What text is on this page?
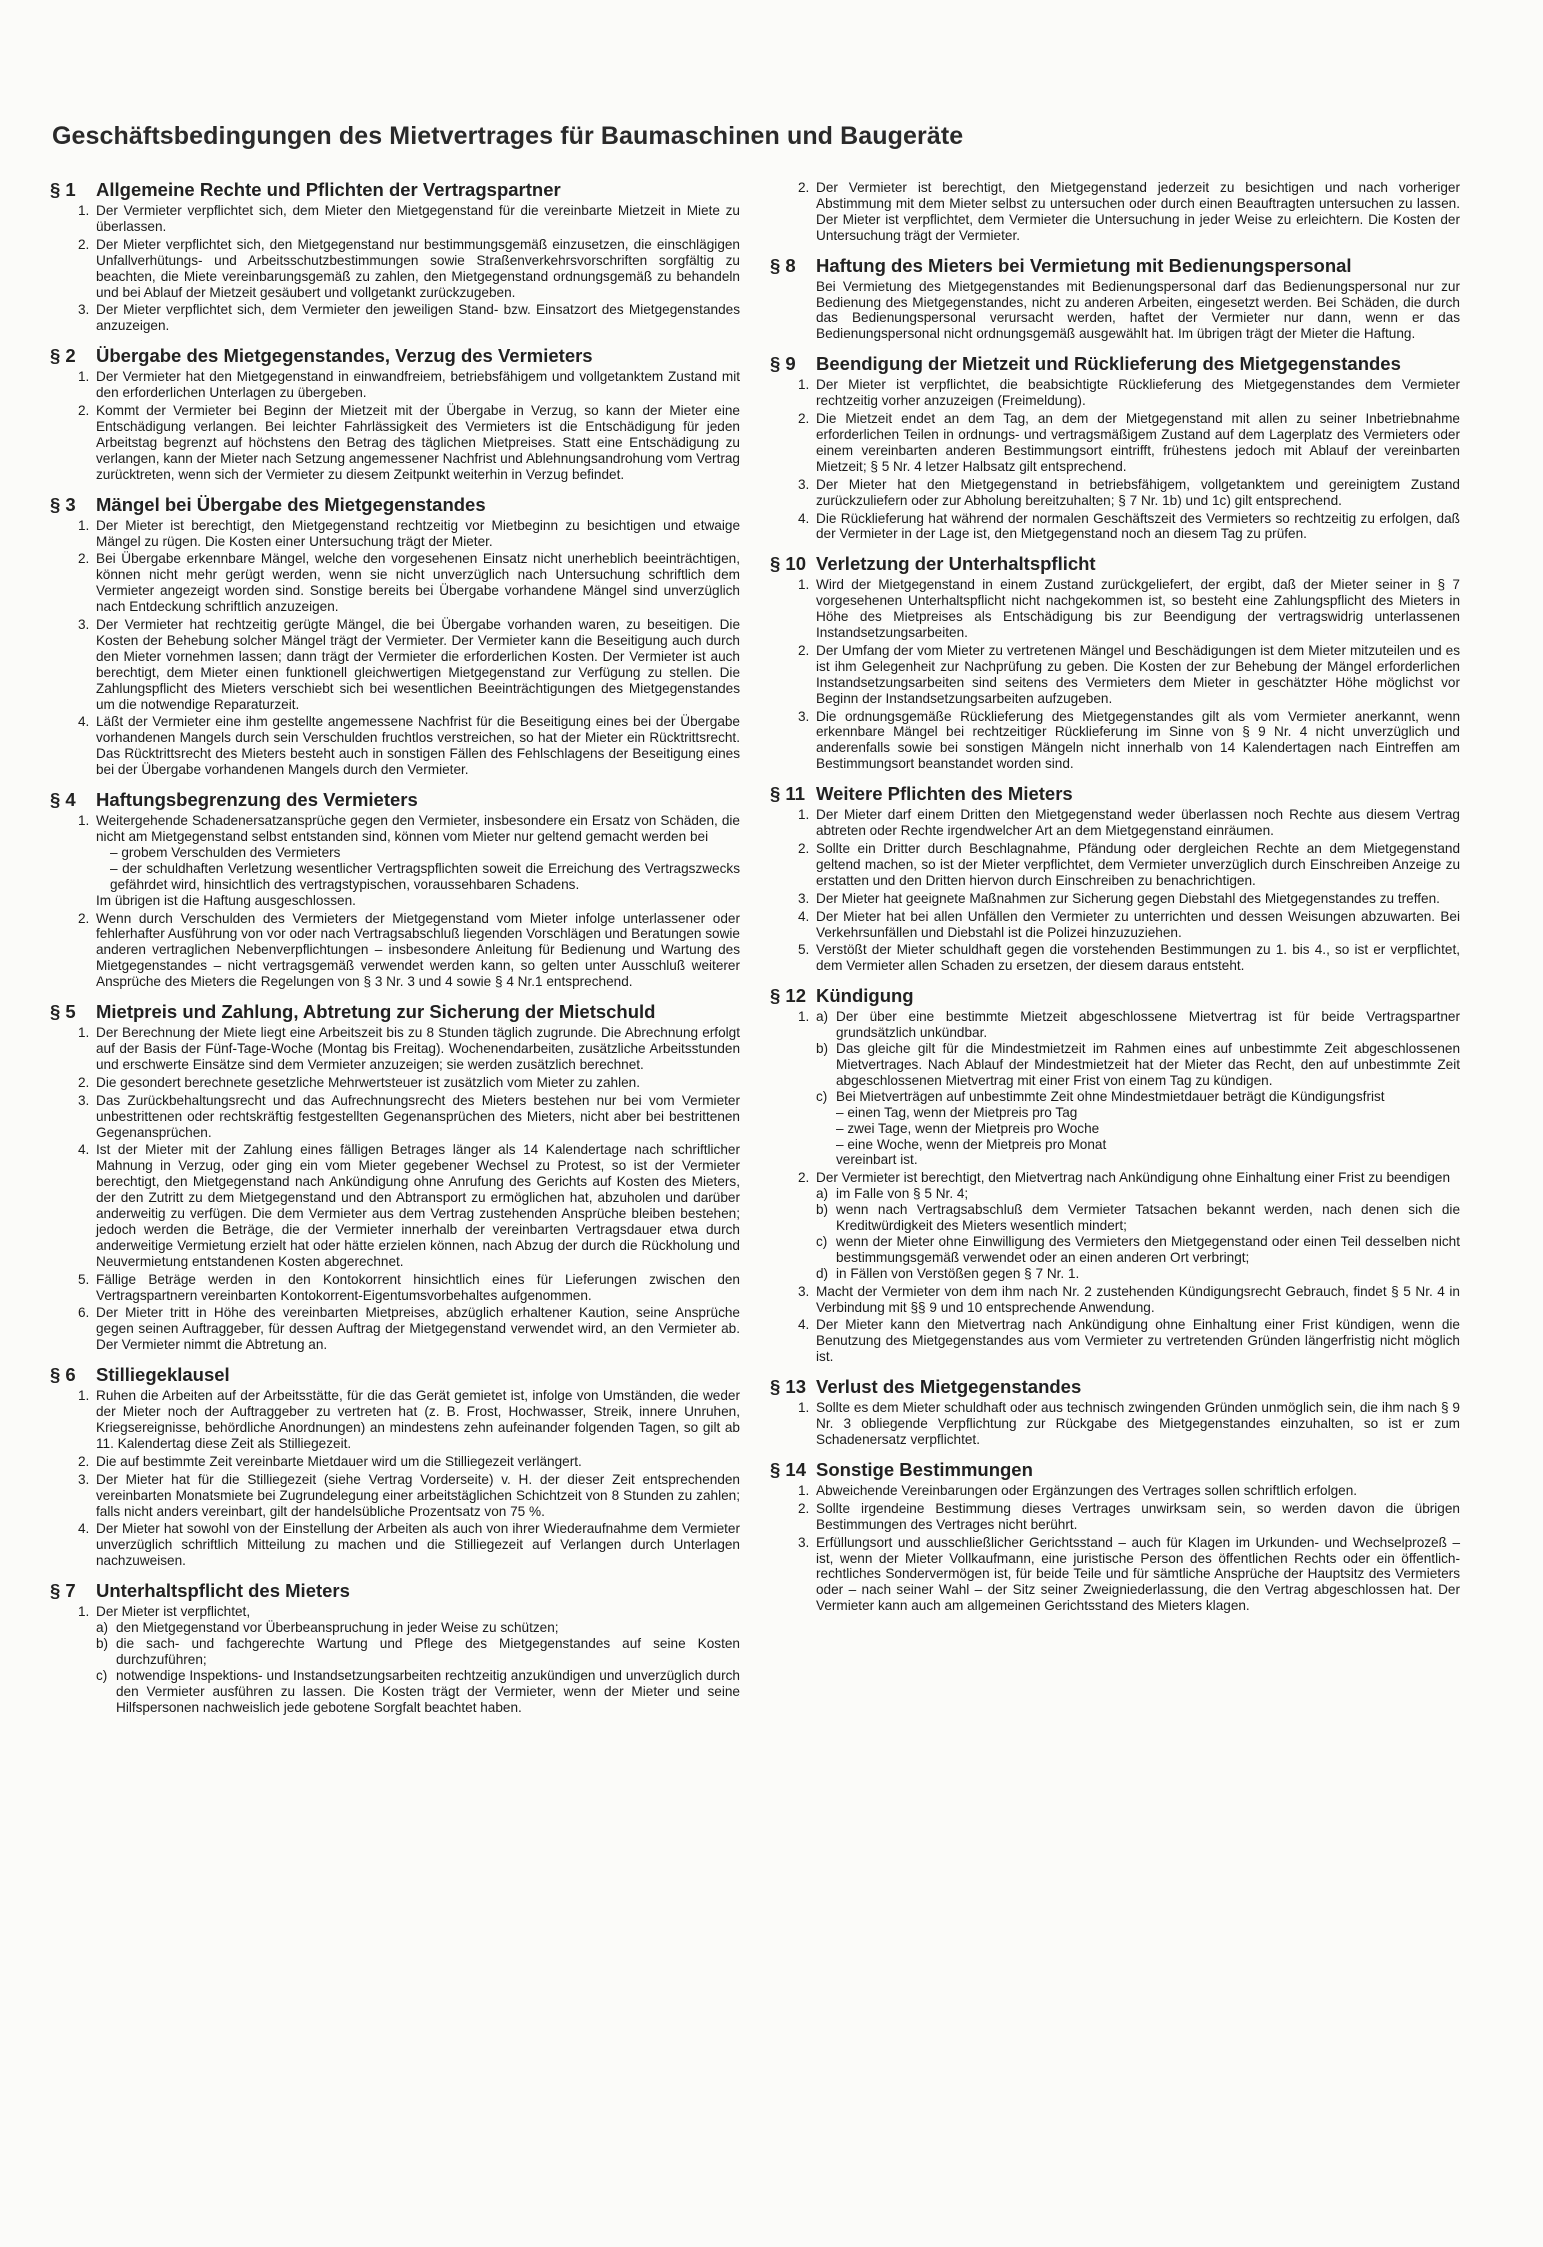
Geschäftsbedingungen des Mietvertrages für Baumaschinen und Baugeräte
§ 1	Allgemeine Rechte und Pflichten der Vertragspartner
1. Der Vermieter verpflichtet sich, dem Mieter den Mietgegenstand für die vereinbarte Mietzeit in Miete zu überlassen.
2. Der Mieter verpflichtet sich, den Mietgegenstand nur bestimmungsgemäß einzusetzen, die einschlägigen Unfallverhütungs- und Arbeitsschutzbestimmungen sowie Straßenverkehrsvorschriften sorgfältig zu beachten, die Miete vereinbarungsgemäß zu zahlen, den Mietgegenstand ordnungsgemäß zu behandeln und bei Ablauf der Mietzeit gesäubert und vollgetankt zurückzugeben.
3. Der Mieter verpflichtet sich, dem Vermieter den jeweiligen Stand- bzw. Einsatzort des Mietgegenstandes anzuzeigen.
§ 2	Übergabe des Mietgegenstandes, Verzug des Vermieters
1. Der Vermieter hat den Mietgegenstand in einwandfreiem, betriebsfähigem und vollgetanktem Zustand mit den erforderlichen Unterlagen zu übergeben.
2. Kommt der Vermieter bei Beginn der Mietzeit mit der Übergabe in Verzug, so kann der Mieter eine Entschädigung verlangen. Bei leichter Fahrlässigkeit des Vermieters ist die Entschädigung für jeden Arbeitstag begrenzt auf höchstens den Betrag des täglichen Mietpreises. Statt eine Entschädigung zu verlangen, kann der Mieter nach Setzung angemessener Nachfrist und Ablehnungsandrohung vom Vertrag zurücktreten, wenn sich der Vermieter zu diesem Zeitpunkt weiterhin in Verzug befindet.
§ 3	Mängel bei Übergabe des Mietgegenstandes
1. Der Mieter ist berechtigt, den Mietgegenstand rechtzeitig vor Mietbeginn zu besichtigen und etwaige Mängel zu rügen. Die Kosten einer Untersuchung trägt der Mieter.
2. Bei Übergabe erkennbare Mängel, welche den vorgesehenen Einsatz nicht unerheblich beeinträchtigen, können nicht mehr gerügt werden, wenn sie nicht unverzüglich nach Untersuchung schriftlich dem Vermieter angezeigt worden sind. Sonstige bereits bei Übergabe vorhandene Mängel sind unverzüglich nach Entdeckung schriftlich anzuzeigen.
3. Der Vermieter hat rechtzeitig gerügte Mängel, die bei Übergabe vorhanden waren, zu beseitigen. Die Kosten der Behebung solcher Mängel trägt der Vermieter. Der Vermieter kann die Beseitigung auch durch den Mieter vornehmen lassen; dann trägt der Vermieter die erforderlichen Kosten. Der Vermieter ist auch berechtigt, dem Mieter einen funktionell gleichwertigen Mietgegenstand zur Verfügung zu stellen. Die Zahlungspflicht des Mieters verschiebt sich bei wesentlichen Beeinträchtigungen des Mietgegenstandes um die notwendige Reparaturzeit.
4. Läßt der Vermieter eine ihm gestellte angemessene Nachfrist für die Beseitigung eines bei der Übergabe vorhandenen Mangels durch sein Verschulden fruchtlos verstreichen, so hat der Mieter ein Rücktrittsrecht. Das Rücktrittsrecht des Mieters besteht auch in sonstigen Fällen des Fehlschlagens der Beseitigung eines bei der Übergabe vorhandenen Mangels durch den Vermieter.
§ 4	Haftungsbegrenzung des Vermieters
1. Weitergehende Schadenersatzansprüche gegen den Vermieter, insbesondere ein Ersatz von Schäden, die nicht am Mietgegenstand selbst entstanden sind, können vom Mieter nur geltend gemacht werden bei
– grobem Verschulden des Vermieters
– der schuldhaften Verletzung wesentlicher Vertragspflichten soweit die Erreichung des Vertragszwecks gefährdet wird, hinsichtlich des vertragstypischen, voraussehbaren Schadens.
Im übrigen ist die Haftung ausgeschlossen.
2. Wenn durch Verschulden des Vermieters der Mietgegenstand vom Mieter infolge unterlassener oder fehlerhafter Ausführung von vor oder nach Vertragsabschluß liegenden Vorschlägen und Beratungen sowie anderen vertraglichen Nebenverpflichtungen – insbesondere Anleitung für Bedienung und Wartung des Mietgegenstandes – nicht vertragsgemäß verwendet werden kann, so gelten unter Ausschluß weiterer Ansprüche des Mieters die Regelungen von § 3 Nr. 3 und 4 sowie § 4 Nr.1 entsprechend.
§ 5	Mietpreis und Zahlung, Abtretung zur Sicherung der Mietschuld
1. Der Berechnung der Miete liegt eine Arbeitszeit bis zu 8 Stunden täglich zugrunde. Die Abrechnung erfolgt auf der Basis der Fünf-Tage-Woche (Montag bis Freitag). Wochenendarbeiten, zusätzliche Arbeitsstunden und erschwerte Einsätze sind dem Vermieter anzuzeigen; sie werden zusätzlich berechnet.
2. Die gesondert berechnete gesetzliche Mehrwertsteuer ist zusätzlich vom Mieter zu zahlen.
3. Das Zurückbehaltungsrecht und das Aufrechnungsrecht des Mieters bestehen nur bei vom Vermieter unbestrittenen oder rechtskräftig festgestellten Gegenansprüchen des Mieters, nicht aber bei bestrittenen Gegenansprüchen.
4. Ist der Mieter mit der Zahlung eines fälligen Betrages länger als 14 Kalendertage nach schriftlicher Mahnung in Verzug, oder ging ein vom Mieter gegebener Wechsel zu Protest, so ist der Vermieter berechtigt, den Mietgegenstand nach Ankündigung ohne Anrufung des Gerichts auf Kosten des Mieters, der den Zutritt zu dem Mietgegenstand und den Abtransport zu ermöglichen hat, abzuholen und darüber anderweitig zu verfügen. Die dem Vermieter aus dem Vertrag zustehenden Ansprüche bleiben bestehen; jedoch werden die Beträge, die der Vermieter innerhalb der vereinbarten Vertragsdauer etwa durch anderweitige Vermietung erzielt hat oder hätte erzielen können, nach Abzug der durch die Rückholung und Neuvermietung entstandenen Kosten abgerechnet.
5. Fällige Beträge werden in den Kontokorrent hinsichtlich eines für Lieferungen zwischen den Vertragspartnern vereinbarten Kontokorrent-Eigentumsvorbehaltes aufgenommen.
6. Der Mieter tritt in Höhe des vereinbarten Mietpreises, abzüglich erhaltener Kaution, seine Ansprüche gegen seinen Auftraggeber, für dessen Auftrag der Mietgegenstand verwendet wird, an den Vermieter ab. Der Vermieter nimmt die Abtretung an.
§ 6	Stilliegeklausel
1. Ruhen die Arbeiten auf der Arbeitsstätte, für die das Gerät gemietet ist, infolge von Umständen, die weder der Mieter noch der Auftraggeber zu vertreten hat (z. B. Frost, Hochwasser, Streik, innere Unruhen, Kriegsereignisse, behördliche Anordnungen) an mindestens zehn aufeinander folgenden Tagen, so gilt ab 11. Kalendertag diese Zeit als Stilliegezeit.
2. Die auf bestimmte Zeit vereinbarte Mietdauer wird um die Stilliegezeit verlängert.
3. Der Mieter hat für die Stilliegezeit (siehe Vertrag Vorderseite) v. H. der dieser Zeit entsprechenden vereinbarten Monatsmiete bei Zugrundelegung einer arbeitstäglichen Schichtzeit von 8 Stunden zu zahlen; falls nicht anders vereinbart, gilt der handelsübliche Prozentsatz von 75 %.
4. Der Mieter hat sowohl von der Einstellung der Arbeiten als auch von ihrer Wiederaufnahme dem Vermieter unverzüglich schriftlich Mitteilung zu machen und die Stilliegezeit auf Verlangen durch Unterlagen nachzuweisen.
§ 7	Unterhaltspflicht des Mieters
1. Der Mieter ist verpflichtet,
a) den Mietgegenstand vor Überbeanspruchung in jeder Weise zu schützen;
b) die sach- und fachgerechte Wartung und Pflege des Mietgegenstandes auf seine Kosten durchzuführen;
c) notwendige Inspektions- und Instandsetzungsarbeiten rechtzeitig anzukündigen und unverzüglich durch den Vermieter ausführen zu lassen. Die Kosten trägt der Vermieter, wenn der Mieter und seine Hilfspersonen nachweislich jede gebotene Sorgfalt beachtet haben.
2. Der Vermieter ist berechtigt, den Mietgegenstand jederzeit zu besichtigen und nach vorheriger Abstimmung mit dem Mieter selbst zu untersuchen oder durch einen Beauftragten untersuchen zu lassen. Der Mieter ist verpflichtet, dem Vermieter die Untersuchung in jeder Weise zu erleichtern. Die Kosten der Untersuchung trägt der Vermieter.
§ 8	Haftung des Mieters bei Vermietung mit Bedienungspersonal
Bei Vermietung des Mietgegenstandes mit Bedienungspersonal darf das Bedienungspersonal nur zur Bedienung des Mietgegenstandes, nicht zu anderen Arbeiten, eingesetzt werden. Bei Schäden, die durch das Bedienungspersonal verursacht werden, haftet der Vermieter nur dann, wenn er das Bedienungspersonal nicht ordnungsgemäß ausgewählt hat. Im übrigen trägt der Mieter die Haftung.
§ 9	Beendigung der Mietzeit und Rücklieferung des Mietgegenstandes
1. Der Mieter ist verpflichtet, die beabsichtigte Rücklieferung des Mietgegenstandes dem Vermieter rechtzeitig vorher anzuzeigen (Freimeldung).
2. Die Mietzeit endet an dem Tag, an dem der Mietgegenstand mit allen zu seiner Inbetriebnahme erforderlichen Teilen in ordnungs- und vertragsmäßigem Zustand auf dem Lagerplatz des Vermieters oder einem vereinbarten anderen Bestimmungsort eintrifft, frühestens jedoch mit Ablauf der vereinbarten Mietzeit; § 5 Nr. 4 letzer Halbsatz gilt entsprechend.
3. Der Mieter hat den Mietgegenstand in betriebsfähigem, vollgetanktem und gereinigtem Zustand zurückzuliefern oder zur Abholung bereitzuhalten; § 7 Nr. 1b) und 1c) gilt entsprechend.
4. Die Rücklieferung hat während der normalen Geschäftszeit des Vermieters so rechtzeitig zu erfolgen, daß der Vermieter in der Lage ist, den Mietgegenstand noch an diesem Tag zu prüfen.
§ 10 Verletzung der Unterhaltspflicht
1. Wird der Mietgegenstand in einem Zustand zurückgeliefert, der ergibt, daß der Mieter seiner in § 7 vorgesehenen Unterhaltspflicht nicht nachgekommen ist, so besteht eine Zahlungspflicht des Mieters in Höhe des Mietpreises als Entschädigung bis zur Beendigung der vertragswidrig unterlassenen Instandsetzungsarbeiten.
2. Der Umfang der vom Mieter zu vertretenen Mängel und Beschädigungen ist dem Mieter mitzuteilen und es ist ihm Gelegenheit zur Nachprüfung zu geben. Die Kosten der zur Behebung der Mängel erforderlichen Instandsetzungsarbeiten sind seitens des Vermieters dem Mieter in geschätzter Höhe möglichst vor Beginn der Instandsetzungsarbeiten aufzugeben.
3. Die ordnungsgemäße Rücklieferung des Mietgegenstandes gilt als vom Vermieter anerkannt, wenn erkennbare Mängel bei rechtzeitiger Rücklieferung im Sinne von § 9 Nr. 4 nicht unverzüglich und anderenfalls sowie bei sonstigen Mängeln nicht innerhalb von 14 Kalendertagen nach Eintreffen am Bestimmungsort beanstandet worden sind.
§ 11 Weitere Pflichten des Mieters
1. Der Mieter darf einem Dritten den Mietgegenstand weder überlassen noch Rechte aus diesem Vertrag abtreten oder Rechte irgendwelcher Art an dem Mietgegenstand einräumen.
2. Sollte ein Dritter durch Beschlagnahme, Pfändung oder dergleichen Rechte an dem Mietgegenstand geltend machen, so ist der Mieter verpflichtet, dem Vermieter unverzüglich durch Einschreiben Anzeige zu erstatten und den Dritten hiervon durch Einschreiben zu benachrichtigen.
3. Der Mieter hat geeignete Maßnahmen zur Sicherung gegen Diebstahl des Mietgegenstandes zu treffen.
4. Der Mieter hat bei allen Unfällen den Vermieter zu unterrichten und dessen Weisungen abzuwarten. Bei Verkehrsunfällen und Diebstahl ist die Polizei hinzuzuziehen.
5. Verstößt der Mieter schuldhaft gegen die vorstehenden Bestimmungen zu 1. bis 4., so ist er verpflichtet, dem Vermieter allen Schaden zu ersetzen, der diesem daraus entsteht.
§ 12 Kündigung
1. a) Der über eine bestimmte Mietzeit abgeschlossene Mietvertrag ist für beide Vertragspartner grundsätzlich unkündbar.
b) Das gleiche gilt für die Mindestmietzeit im Rahmen eines auf unbestimmte Zeit abgeschlossenen Mietvertrages. Nach Ablauf der Mindestmietzeit hat der Mieter das Recht, den auf unbestimmte Zeit abgeschlossenen Mietvertrag mit einer Frist von einem Tag zu kündigen.
c) Bei Mietverträgen auf unbestimmte Zeit ohne Mindestmietdauer beträgt die Kündigungsfrist
– einen Tag, wenn der Mietpreis pro Tag
– zwei Tage, wenn der Mietpreis pro Woche
– eine Woche, wenn der Mietpreis pro Monat
vereinbart ist.
2. Der Vermieter ist berechtigt, den Mietvertrag nach Ankündigung ohne Einhaltung einer Frist zu beendigen
a) im Falle von § 5 Nr. 4;
b) wenn nach Vertragsabschluß dem Vermieter Tatsachen bekannt werden, nach denen sich die Kreditwürdigkeit des Mieters wesentlich mindert;
c) wenn der Mieter ohne Einwilligung des Vermieters den Mietgegenstand oder einen Teil desselben nicht bestimmungsgemäß verwendet oder an einen anderen Ort verbringt;
d) in Fällen von Verstößen gegen § 7 Nr. 1.
3. Macht der Vermieter von dem ihm nach Nr. 2 zustehenden Kündigungsrecht Gebrauch, findet § 5 Nr. 4 in Verbindung mit §§ 9 und 10 entsprechende Anwendung.
4. Der Mieter kann den Mietvertrag nach Ankündigung ohne Einhaltung einer Frist kündigen, wenn die Benutzung des Mietgegenstandes aus vom Vermieter zu vertretenden Gründen längerfristig nicht möglich ist.
§ 13 Verlust des Mietgegenstandes
1. Sollte es dem Mieter schuldhaft oder aus technisch zwingenden Gründen unmöglich sein, die ihm nach § 9 Nr. 3 obliegende Verpflichtung zur Rückgabe des Mietgegenstandes einzuhalten, so ist er zum Schadenersatz verpflichtet.
§ 14 Sonstige Bestimmungen
1. Abweichende Vereinbarungen oder Ergänzungen des Vertrages sollen schriftlich erfolgen.
2. Sollte irgendeine Bestimmung dieses Vertrages unwirksam sein, so werden davon die übrigen Bestimmungen des Vertrages nicht berührt.
3. Erfüllungsort und ausschließlicher Gerichtsstand – auch für Klagen im Urkunden- und Wechselprozeß – ist, wenn der Mieter Vollkaufmann, eine juristische Person des öffentlichen Rechts oder ein öffentlich-rechtliches Sondervermögen ist, für beide Teile und für sämtliche Ansprüche der Hauptsitz des Vermieters oder – nach seiner Wahl – der Sitz seiner Zweigniederlassung, die den Vertrag abgeschlossen hat. Der Vermieter kann auch am allgemeinen Gerichtsstand des Mieters klagen.
